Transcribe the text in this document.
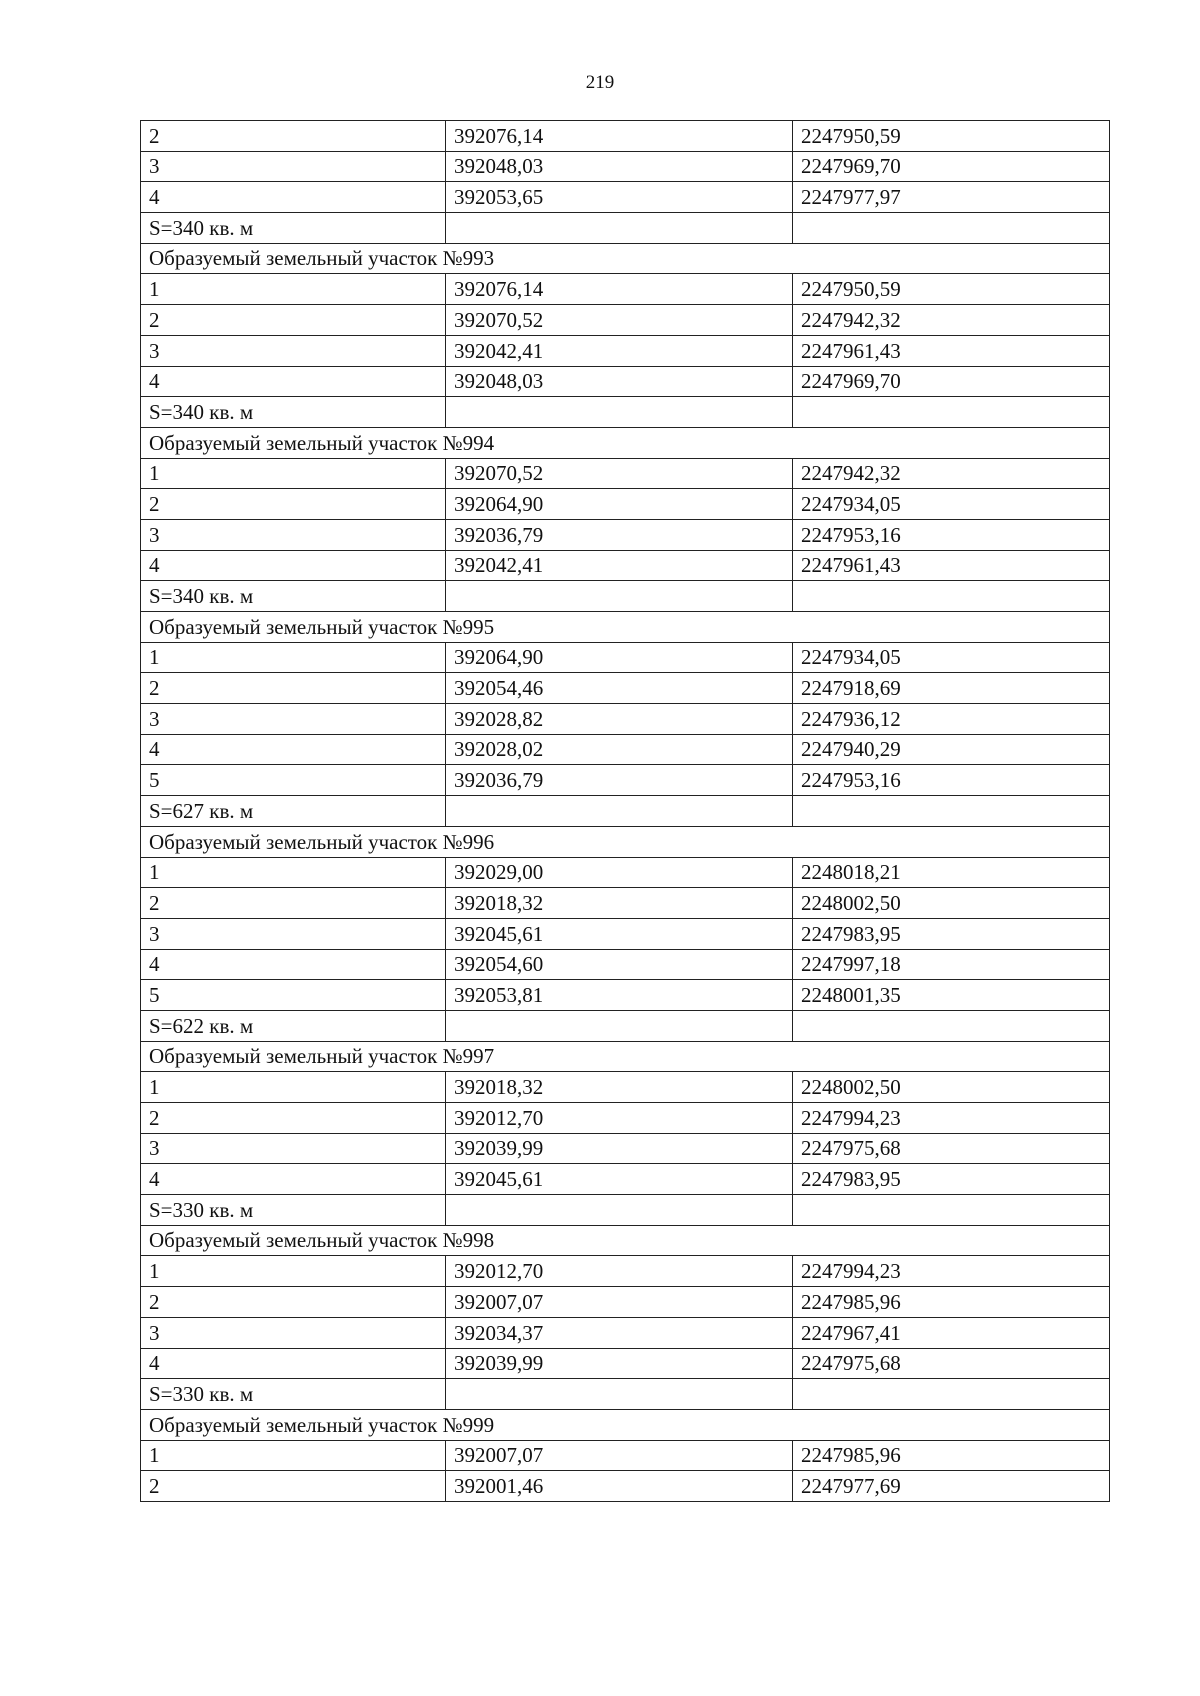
219
2	392076,14	2247950,59
3	392048,03	2247969,70
4	392053,65	2247977,97
S=340 кв. м		
Образуемый земельный участок №993		
1	392076,14	2247950,59
2	392070,52	2247942,32
3	392042,41	2247961,43
4	392048,03	2247969,70
S=340 кв. м		
Образуемый земельный участок №994		
1	392070,52	2247942,32
2	392064,90	2247934,05
3	392036,79	2247953,16
4	392042,41	2247961,43
S=340 кв. м		
Образуемый земельный участок №995		
1	392064,90	2247934,05
2	392054,46	2247918,69
3	392028,82	2247936,12
4	392028,02	2247940,29
5	392036,79	2247953,16
S=627 кв. м		
Образуемый земельный участок №996		
1	392029,00	2248018,21
2	392018,32	2248002,50
3	392045,61	2247983,95
4	392054,60	2247997,18
5	392053,81	2248001,35
S=622 кв. м		
Образуемый земельный участок №997		
1	392018,32	2248002,50
2	392012,70	2247994,23
3	392039,99	2247975,68
4	392045,61	2247983,95
S=330 кв. м		
Образуемый земельный участок №998		
1	392012,70	2247994,23
2	392007,07	2247985,96
3	392034,37	2247967,41
4	392039,99	2247975,68
S=330 кв. м		
Образуемый земельный участок №999		
1	392007,07	2247985,96
2	392001,46	2247977,69
